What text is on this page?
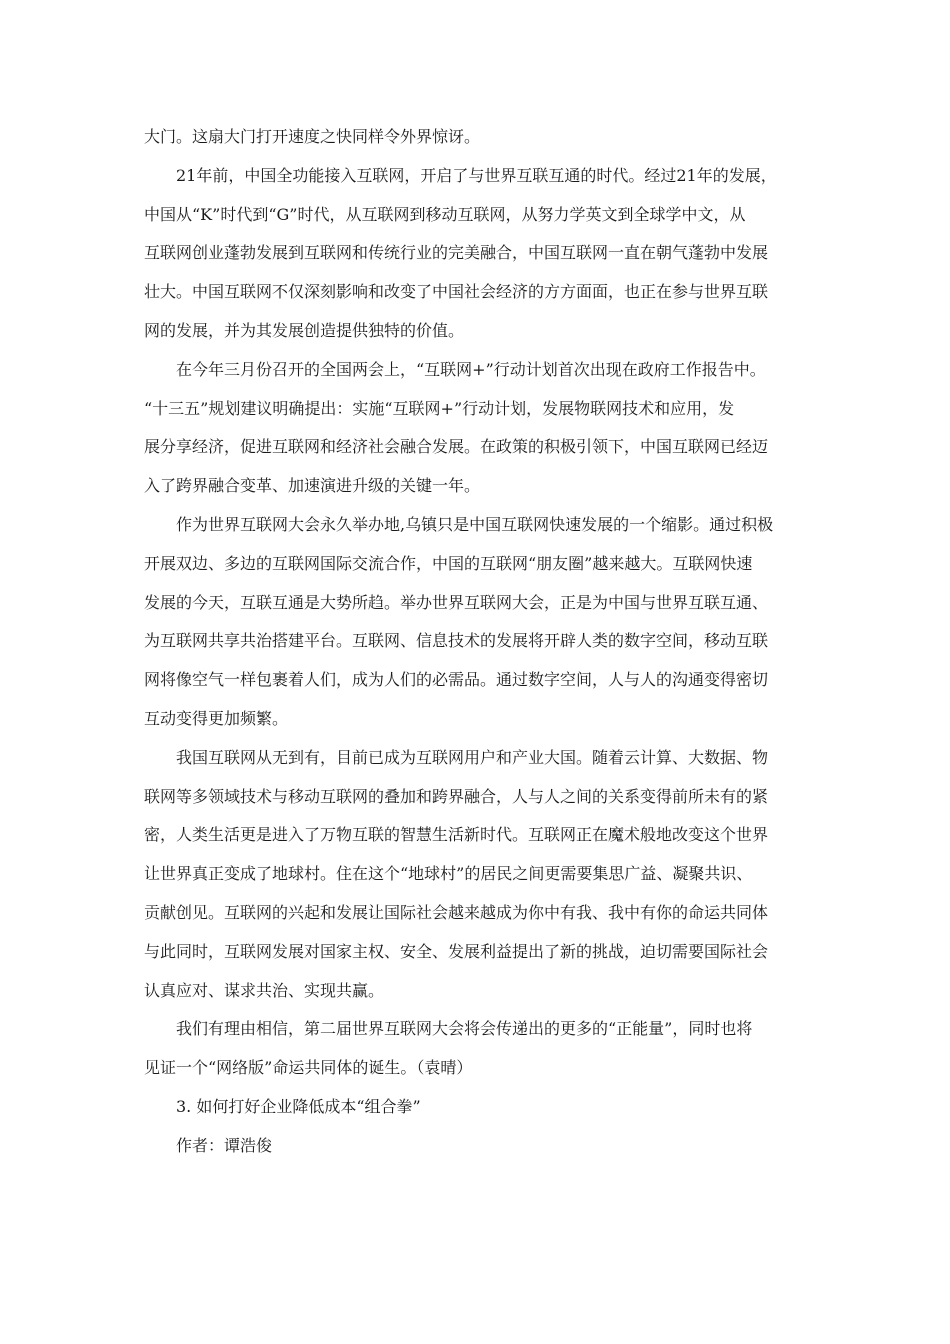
大门。这扇大门打开速度之快同样令外界惊讶。
21年前，中国全功能接入互联网，开启了与世界互联互通的时代。经过21年的发展，
中国从“K”时代到“G”时代，从互联网到移动互联网，从努力学英文到全球学中文，从
互联网创业蓬勃发展到互联网和传统行业的完美融合，中国互联网一直在朝气蓬勃中发展
壮大。中国互联网不仅深刻影响和改变了中国社会经济的方方面面，也正在参与世界互联
网的发展，并为其发展创造提供独特的价值。
在今年三月份召开的全国两会上，“互联网+”行动计划首次出现在政府工作报告中。
“十三五”规划建议明确提出：实施“互联网+”行动计划，发展物联网技术和应用，发
展分享经济，促进互联网和经济社会融合发展。在政策的积极引领下，中国互联网已经迈
入了跨界融合变革、加速演进升级的关键一年。
作为世界互联网大会永久举办地,乌镇只是中国互联网快速发展的一个缩影。通过积极
开展双边、多边的互联网国际交流合作，中国的互联网“朋友圈”越来越大。互联网快速
发展的今天，互联互通是大势所趋。举办世界互联网大会，正是为中国与世界互联互通、
为互联网共享共治搭建平台。互联网、信息技术的发展将开辟人类的数字空间，移动互联
网将像空气一样包裹着人们，成为人们的必需品。通过数字空间，人与人的沟通变得密切
互动变得更加频繁。
我国互联网从无到有，目前已成为互联网用户和产业大国。随着云计算、大数据、物
联网等多领域技术与移动互联网的叠加和跨界融合，人与人之间的关系变得前所未有的紧
密，人类生活更是进入了万物互联的智慧生活新时代。互联网正在魔术般地改变这个世界
让世界真正变成了地球村。住在这个“地球村”的居民之间更需要集思广益、凝聚共识、
贡献创见。互联网的兴起和发展让国际社会越来越成为你中有我、我中有你的命运共同体
与此同时，互联网发展对国家主权、安全、发展利益提出了新的挑战，迫切需要国际社会
认真应对、谋求共治、实现共赢。
我们有理由相信，第二届世界互联网大会将会传递出的更多的“正能量”，同时也将
见证一个“网络版”命运共同体的诞生。（袁晴）
3. 如何打好企业降低成本“组合拳”
作者：谭浩俊
